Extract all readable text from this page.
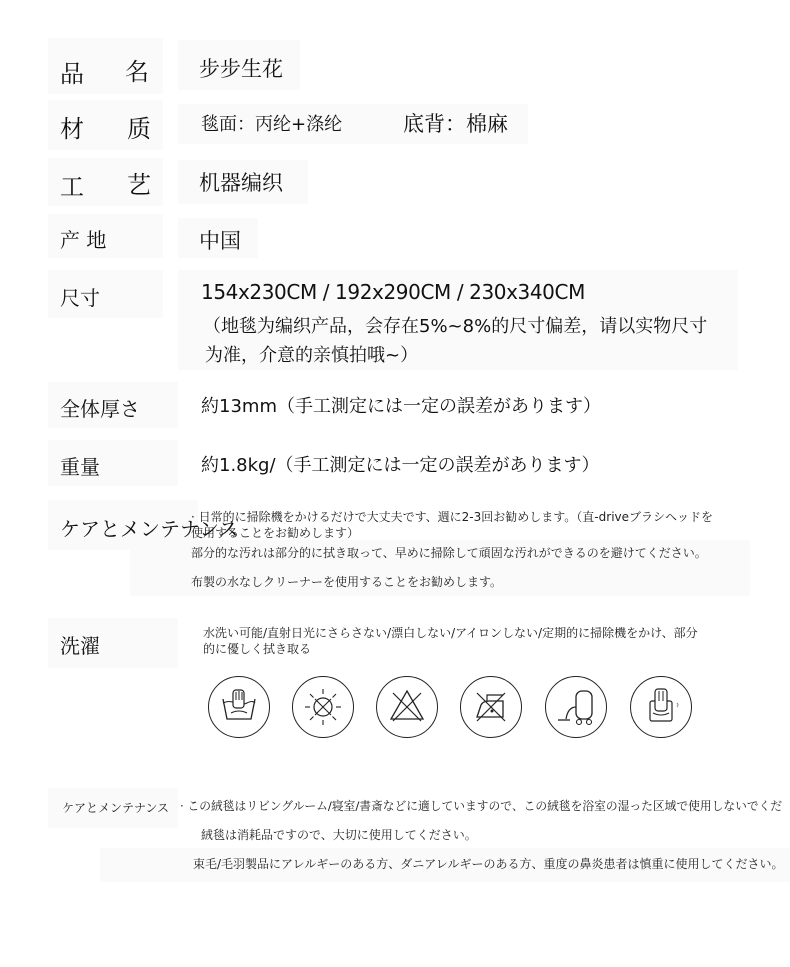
品 名 步步生花
材 质	毯面：丙纶+涤纶	底背：棉麻
工 艺 机器编织
产 地	中国
尺寸	154x230CM / 192x290CM / 230x340CM
（地毯为编织产品，会存在5%~8%的尺寸偏差，请以实物尺寸
为准，介意的亲慎拍哦~）
全体厚さ	約13mm（手工測定には一定の誤差があります）
重量	約1.8kg/（手工測定には一定の誤差があります）
ケアとメンテナンス
· 日常的に掃除機をかけるだけで大丈夫です、週に2-3回お勧めします。（直-driveブラシヘッドを
使用することをお勧めします）
部分的な汚れは部分的に拭き取って、早めに掃除して頑固な汚れができるのを避けてください。
布製の水なしクリーナーを使用することをお勧めします。
洗濯
水洗い可能/直射日光にさらさない/漂白しない/アイロンしない/定期的に掃除機をかけ、部分
的に優しく拭き取る
ケアとメンテナンス · この絨毯はリビングルーム/寝室/書斎などに適していますので、この絨毯を浴室の湿った区域で使用しないでくだ
絨毯は消耗品ですので、大切に使用してください。
束毛/毛羽製品にアレルギーのある方、ダニアレルギーのある方、重度の鼻炎患者は慎重に使用してください。
